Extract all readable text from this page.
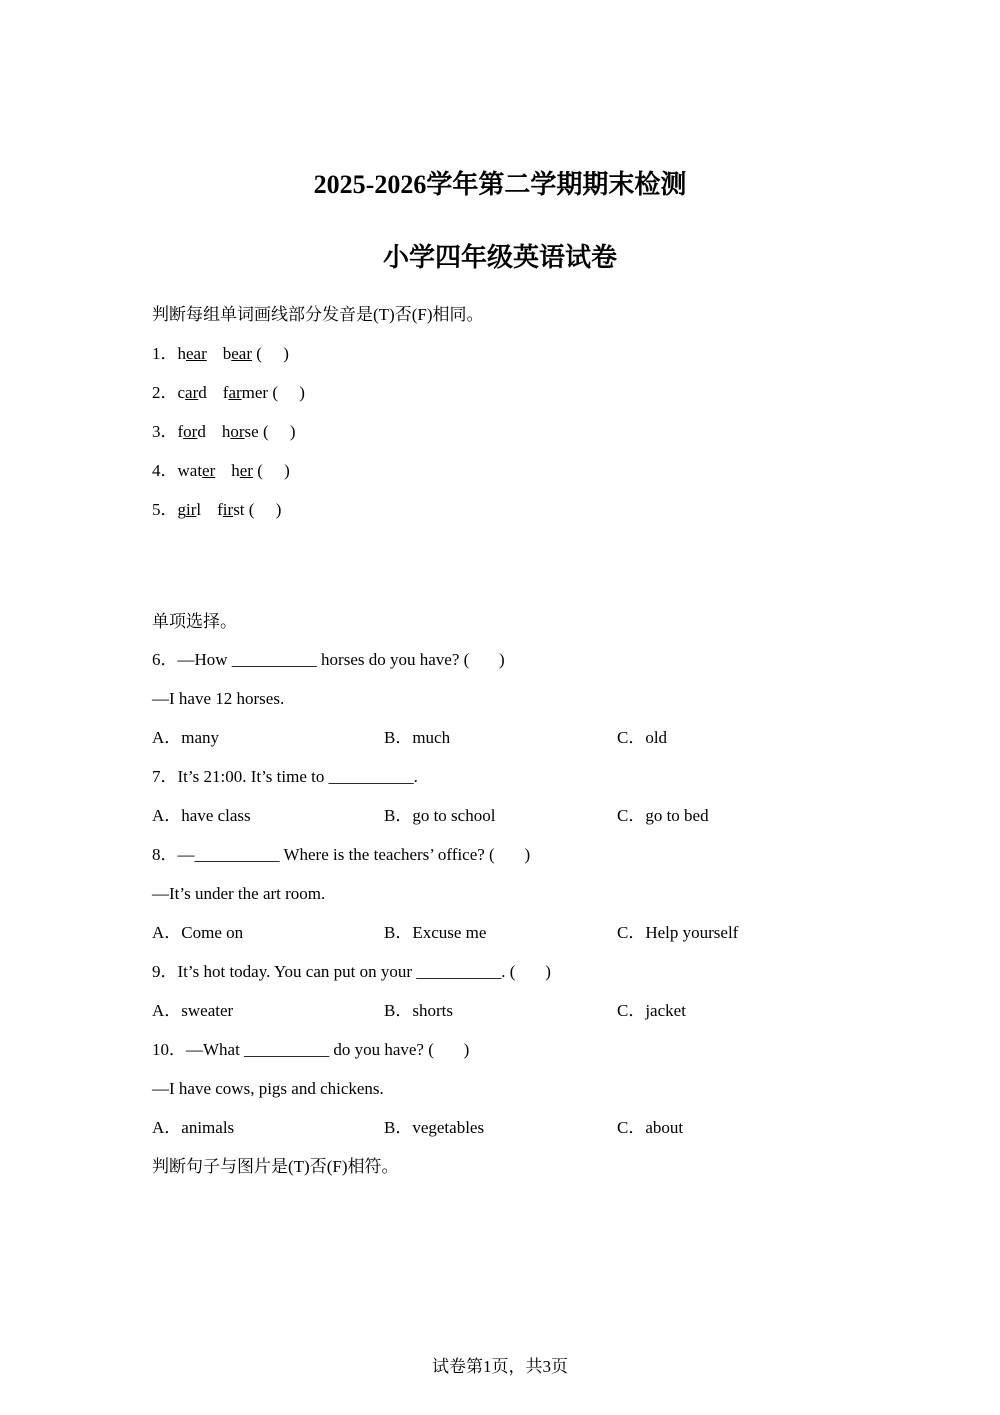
2025-2026学年第二学期期末检测
小学四年级英语试卷
判断每组单词画线部分发音是(T)否(F)相同。
1．hear bear (     )
2．card farmer (     )
3．ford horse (     )
4．water her (     )
5．girl first (     )
单项选择。
6．—How __________ horses do you have? (       )
—I have 12 horses.
A．many	B．much	C．old
7．It’s 21:00. It’s time to __________.
A．have class	B．go to school	C．go to bed
8．—__________ Where is the teachers’ office? (       )
—It’s under the art room.
A．Come on	B．Excuse me	C．Help yourself
9．It’s hot today. You can put on your __________. (       )
A．sweater	B．shorts	C．jacket
10．—What __________ do you have? (       )
—I have cows, pigs and chickens.
A．animals	B．vegetables	C．about
判断句子与图片是(T)否(F)相符。
试卷第1页，共3页
